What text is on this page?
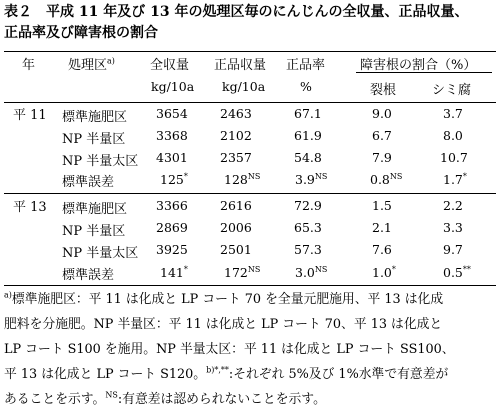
表２ 平成 11 年及び 13 年の処理区毎のにんじんの全収量、正品収量、
正品率及び障害根の割合
年	処理区$^{a)}$	全収量 正品収量 正品率	障害根の割合（%）
裂根	シミ腐
kg/10a kg/10a	%
平 11 標準施肥区 3654	2463	67.1	9.0	3.7
NP 半量区 3368	2102	61.9	6.7	8.0
NP 半量太区 4301	2357	54.8	7.9	10.7
標準誤差	125*	$128^{NS}$	$3.9^{NS}$	$0.8^{NS}$	1.7*
平 13 標準施肥区 3366	2616	72.9	1.5	2.2
NP 半量区 2869	2006	65.3	2.1	3.3
NP 半量太区 3925	2501	57.3	7.6	9.7
標準誤差	141*	$172^{NS}$	$3.0^{NS}$	1.0*	0.5**
$^{a)}$標準施肥区：平 11 は化成と LP コート 70 を全量元肥施用、平 13 は化成
肥料を分施肥。NP 半量区：平 11 は化成と LP コート 70、平 13 は化成と
LP コート S100 を施用。NP 半量太区：平 11 は化成と LP コート SS100、
平 13 は化成と LP コート S120。$^{b)*,**}$:それぞれ 5%及び 1%水準で有意差が
あることを示す。$^{NS}$:有意差は認められないことを示す。
